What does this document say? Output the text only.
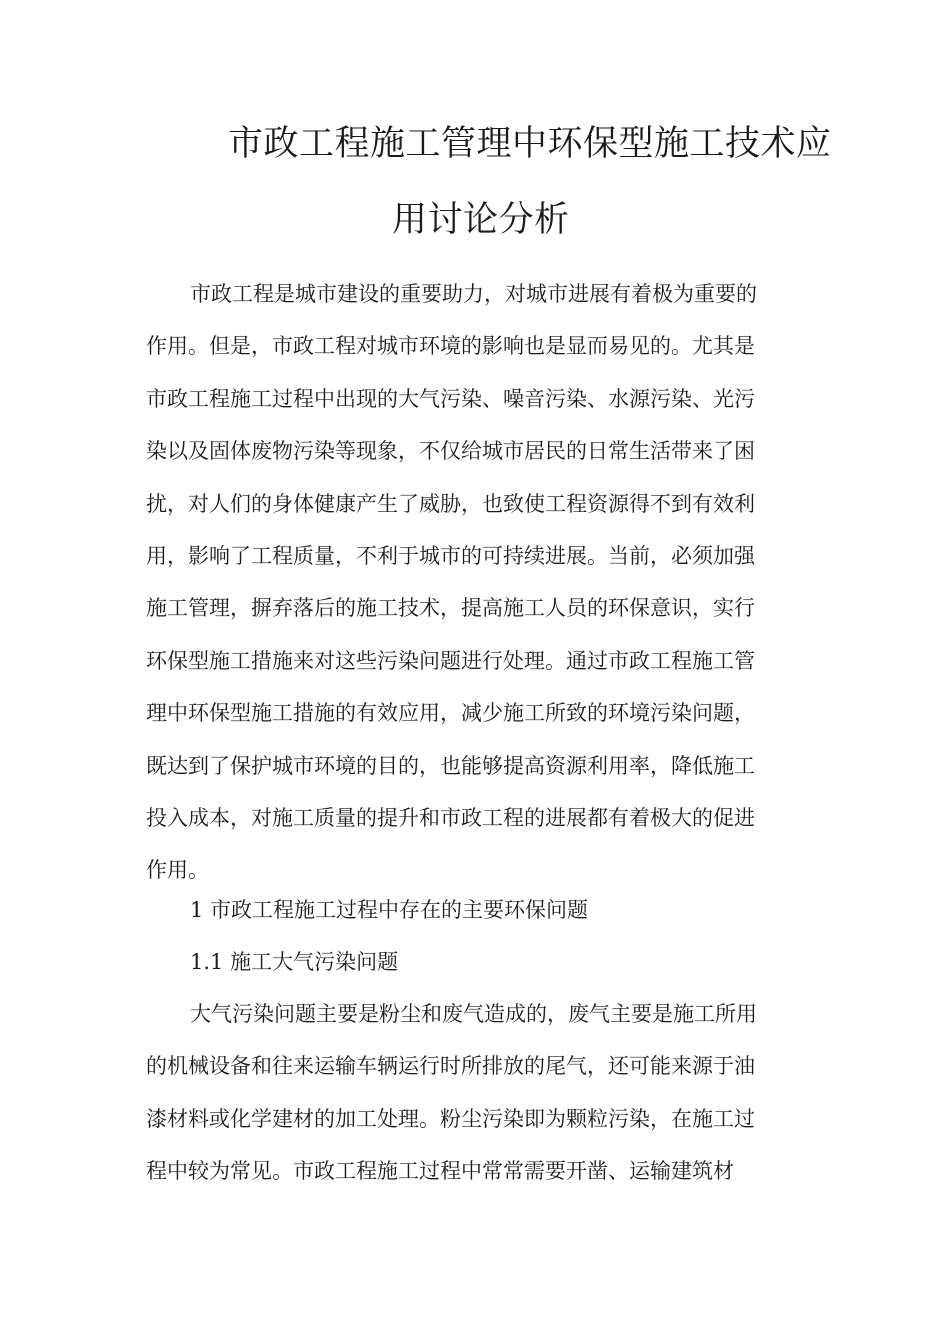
市政工程施工管理中环保型施工技术应
用讨论分析
市政工程是城市建设的重要助力，对城市进展有着极为重要的
作用。但是，市政工程对城市环境的影响也是显而易见的。尤其是
市政工程施工过程中出现的大气污染、噪音污染、水源污染、光污
染以及固体废物污染等现象，不仅给城市居民的日常生活带来了困
扰，对人们的身体健康产生了威胁，也致使工程资源得不到有效利
用，影响了工程质量，不利于城市的可持续进展。当前，必须加强
施工管理，摒弃落后的施工技术，提高施工人员的环保意识，实行
环保型施工措施来对这些污染问题进行处理。通过市政工程施工管
理中环保型施工措施的有效应用，减少施工所致的环境污染问题，
既达到了保护城市环境的目的，也能够提高资源利用率，降低施工
投入成本，对施工质量的提升和市政工程的进展都有着极大的促进
作用。
1 市政工程施工过程中存在的主要环保问题
1.1 施工大气污染问题
大气污染问题主要是粉尘和废气造成的，废气主要是施工所用
的机械设备和往来运输车辆运行时所排放的尾气，还可能来源于油
漆材料或化学建材的加工处理。粉尘污染即为颗粒污染，在施工过
程中较为常见。市政工程施工过程中常常需要开凿、运输建筑材
